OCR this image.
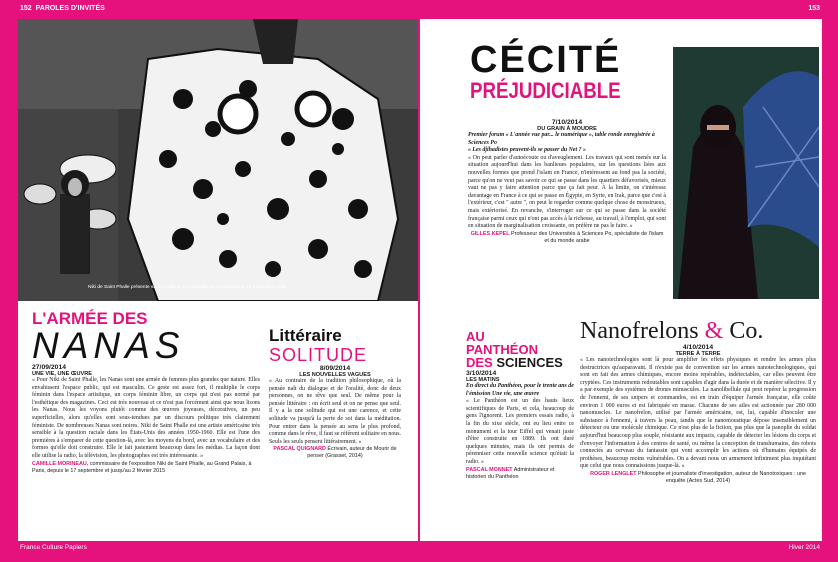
152 PAROLES D'INVITÉS	153
Niki de Saint Phalle présente sa Big Lady à la Kunsthalle de Düsseldorf le 18 novembre 1968
L'ARMÉE DES
NANAS
27/09/2014
UNE VIE, UNE ŒUVRE
« Pour Niki de Saint Phalle, les Nanas sont une armée de femmes plus grandes que nature. Elles envahissent l'espace public, qui est masculin. Ce geste est assez fort, il multiplie le corps féminin dans l'espace artistique, un corps féminin libre, un corps qui n'est pas normé par l'esthétique des magazines. Ceci est très nouveau et ce n'est pas forcément ainsi que nous lisons les Nanas. Nous les voyons plutôt comme des œuvres joyeuses, décoratives, un peu superficielles, alors qu'elles sont sous-tendues par un discours politique très clairement féministe. De nombreuses Nanas sont noires. Niki de Saint Phalle est une artiste américaine très sensible à la question raciale dans les États-Unis des années 1950-1960. Elle est l'une des premières à s'emparer de cette question-là, avec les moyens du bord, avec un vocabulaire et des formes qu'elle doit construire. Elle le fait justement beaucoup dans les médias. La façon dont elle utilise la radio, la télévision, les photographes est très intéressante. »
CAMILLE MORINEAU, commissaire de l'exposition Niki de Saint Phalle, au Grand Palais, à Paris, depuis le 17 septembre et jusqu'au 2 février 2015
Littéraire
SOLITUDE
8/09/2014
LES NOUVELLES VAGUES
« Au contraire de la tradition philosophique, où la pensée naît du dialogue et de l'oralité, donc de deux personnes, on ne rêve que seul. De même pour la pensée littéraire : on écrit seul et on ne pense que seul. Il y a la une solitude qui est une carence, et cette solitude va jusqu'à la perte de soi dans la méditation. Pour entrer dans la pensée au sens le plus profond, comme dans le rêve, il faut se référent solitaire en nous. Seuls les seuls pensent littérairement. »
PASCAL QUIGNARD Écrivain, auteur de Mourir de penser (Grasset, 2014)
CÉCITÉ
PRÉJUDICIABLE
7/10/2014
DU GRAIN À MOUDRE
Premier forum « L'année vue par... le numérique », table ronde enregistrée à Sciences Po
« Les djihadistes peuvent-ils se passer du Net ? »
« On peut parler d'autoécoute ou d'aveuglement. Les travaux qui sont menés sur la situation aujourd'hui dans les banlieues populaires, sur les questions liées aux nouvelles formes que prend l'islam en France, n'intéressent au fond pas la société, parce qu'on ne veut pas savoir ce qui se passe dans les quartiers défavorisés, mieux vaut ne pas y faire attention parce que ça fait peur. À la limite, on s'intéresse davantage en France à ce qui se passe en Égypte, en Syrie, en Irak, parce que c'est à l'extérieur, c'est " autre ", on peut le regarder comme quelque chose de monstrueux, mais extériorisé. En revanche, s'interroger sur ce qui se passe dans la société française parmi ceux qui n'ont pas accès à la richesse, au travail, à l'emploi, qui sont en situation de marginalisation croissante, on préfère ne pas le faire. »
GILLES KEPEL Professeur des Universités à Sciences Po, spécialiste de l'islam et du monde arabe
AU
PANTHÉON
DES SCIENCES
3/10/2014
LES MATINS
En direct du Panthéon, pour le trente ans de l'émission Une vie, une œuvre
« Le Panthéon est un des hauts lieux scientifiques de Paris, et cela, beaucoup de gens l'ignorent. Les premiers essais radio, à la fin du xixe siècle, ont eu lieu entre ce monument et la tour Eiffel qui venait juste d'être construite en 1889. Ils ont duré quelques minutes, mais ils ont permis de pérenniser cette nouvelle science qu'était la radio. »
PASCAL MONNET Administrateur et historien du Panthéon
Nanofrelons & Co.
4/10/2014
TERRE À TERRE
« Les nanotechnologies sont là pour amplifier les effets physiques et rendre les armes plus destructrices qu'auparavant. Il n'existe pas de convention sur les armes nanotechnologiques, qui sont en fait des armes chimiques, encore moins repérables, indétectables, car elles peuvent être cryptées. Ces instruments redoutables sont capables d'agir dans la durée et de manière sélective. Il y a par exemple des systèmes de drones minuscules. La nanolibellule qui peut repérer la progression de l'ennemi, de ses snipers et commandos, est en train d'équiper l'armée française, elle coûte environ 1 000 euros et est fabriquée en masse. Chacune de ses ailes est actionnée par 280 000 nanomuscles. Le nanofrelon, utilisé par l'armée américaine, est, lui, capable d'inoculer une substance à l'ennemi, à travers la peau, tandis que le nanomoustique dépose insensiblement un détecteur ou une molécule chimique. Ce n'est plus de la fiction, pas plus que la panoplie du soldat aujourd'hui beaucoup plus souple, résistante aux impacts, capable de détecter les lésions du corps et d'envoyer l'information à des centres de santé, ou même la conception de transhumains, des robots connectés au cerveau du fantassin qui vont accomplir les actions où d'humains équipés de prothèses, beaucoup moins vulnérables. On a devant nous un armement infiniment plus inquiétant que celui que nous connaissions jusque-là. »
ROGER LENGLET Philosophe et journaliste d'investigation, auteur de Nanotoxiques : une enquête (Actes Sud, 2014)
France Culture Papiers	Hiver 2014
